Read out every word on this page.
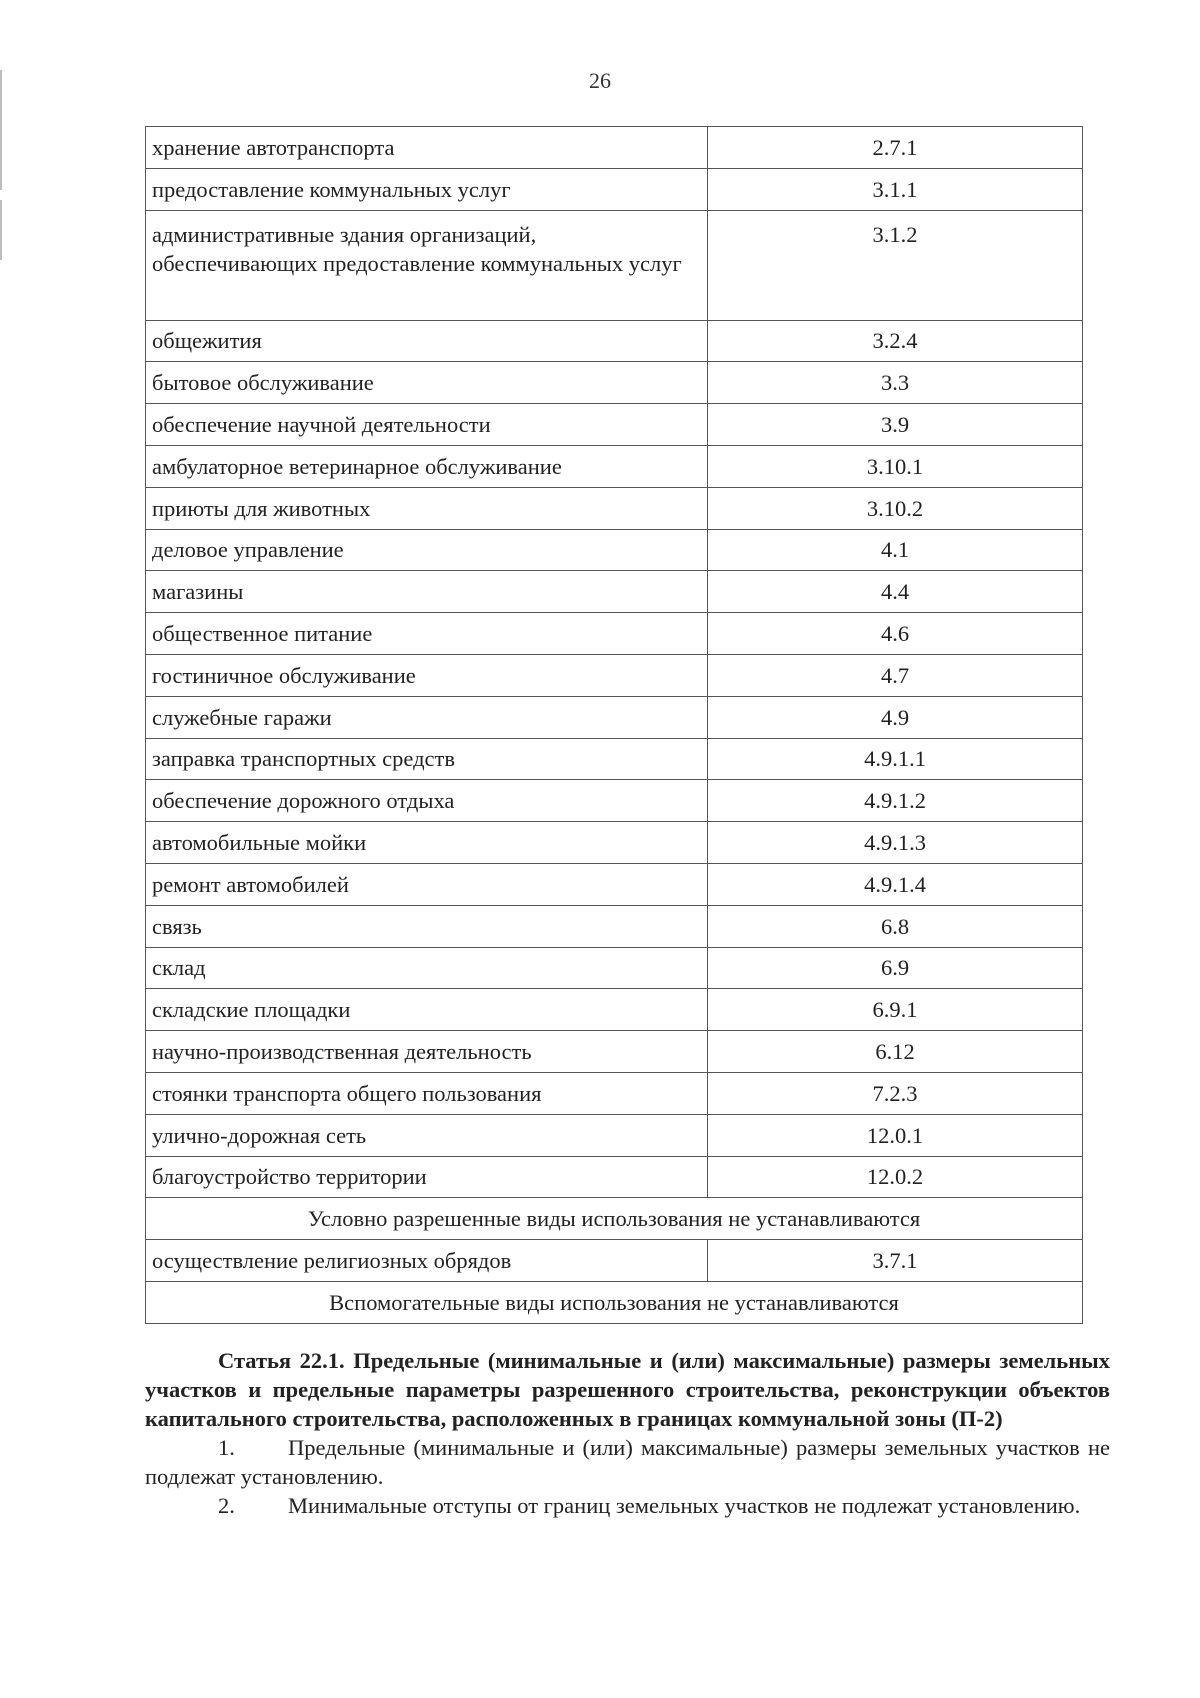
26
хранение автотранспорта	2.7.1
предоставление коммунальных услуг	3.1.1
административные здания организаций, обеспечивающих предоставление коммунальных услуг	3.1.2
общежития	3.2.4
бытовое обслуживание	3.3
обеспечение научной деятельности	3.9
амбулаторное ветеринарное обслуживание	3.10.1
приюты для животных	3.10.2
деловое управление	4.1
магазины	4.4
общественное питание	4.6
гостиничное обслуживание	4.7
служебные гаражи	4.9
заправка транспортных средств	4.9.1.1
обеспечение дорожного отдыха	4.9.1.2
автомобильные мойки	4.9.1.3
ремонт автомобилей	4.9.1.4
связь	6.8
склад	6.9
складские площадки	6.9.1
научно-производственная деятельность	6.12
стоянки транспорта общего пользования	7.2.3
улично-дорожная сеть	12.0.1
благоустройство территории	12.0.2
Условно разрешенные виды использования не устанавливаются	
осуществление религиозных обрядов	3.7.1
Вспомогательные виды использования не устанавливаются	

Статья 22.1. Предельные (минимальные и (или) максимальные) размеры земельных участков и предельные параметры разрешенного строительства, реконструкции объектов капитального строительства, расположенных в границах коммунальной зоны (П-2)

1. Предельные (минимальные и (или) максимальные) размеры земельных участков не подлежат установлению.

2. Минимальные отступы от границ земельных участков не подлежат установлению.
